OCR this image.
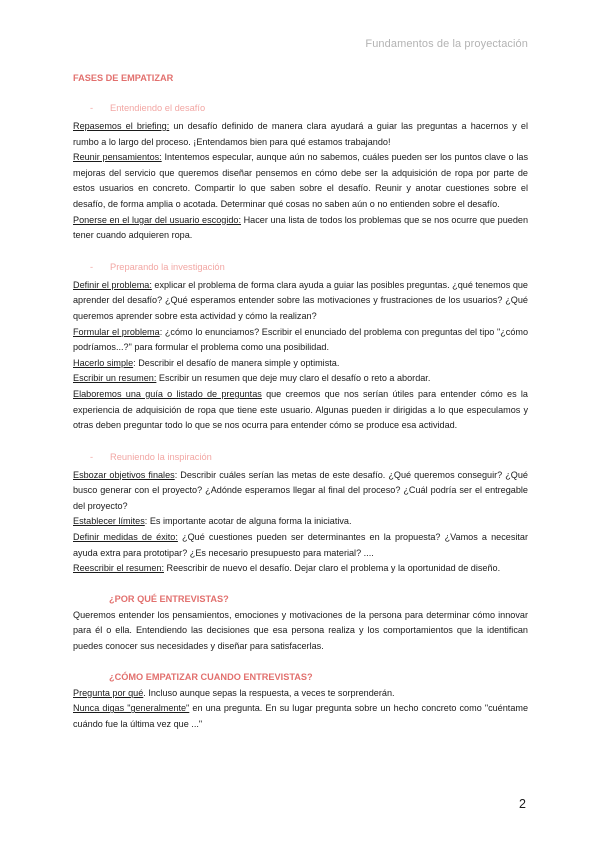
Fundamentos de la proyectación
FASES DE EMPATIZAR
- Entendiendo el desafío

Repasemos el briefing: un desafío definido de manera clara ayudará a guiar las preguntas a hacernos y el rumbo a lo largo del proceso. ¡Entendamos bien para qué estamos trabajando!

Reunir pensamientos: Intentemos especular, aunque aún no sabemos, cuáles pueden ser los puntos clave o las mejoras del servicio que queremos diseñar pensemos en cómo debe ser la adquisición de ropa por parte de estos usuarios en concreto. Compartir lo que saben sobre el desafío. Reunir y anotar cuestiones sobre el desafío, de forma amplia o acotada. Determinar qué cosas no saben aún o no entienden sobre el desafío.

Ponerse en el lugar del usuario escogido: Hacer una lista de todos los problemas que se nos ocurre que pueden tener cuando adquieren ropa.

- Preparando la investigación

Definir el problema: explicar el problema de forma clara ayuda a guiar las posibles preguntas. ¿qué tenemos que aprender del desafío? ¿Qué esperamos entender sobre las motivaciones y frustraciones de los usuarios? ¿Qué queremos aprender sobre esta actividad y cómo la realizan?

Formular el problema: ¿cómo lo enunciamos? Escribir el enunciado del problema con preguntas del tipo "¿cómo podríamos...?" para formular el problema como una posibilidad.

Hacerlo simple: Describir el desafío de manera simple y optimista.

Escribir un resumen: Escribir un resumen que deje muy claro el desafío o reto a abordar.

Elaboremos una guía o listado de preguntas que creemos que nos serían útiles para entender cómo es la experiencia de adquisición de ropa que tiene este usuario. Algunas pueden ir dirigidas a lo que especulamos y otras deben preguntar todo lo que se nos ocurra para entender cómo se produce esa actividad.

- Reuniendo la inspiración

Esbozar objetivos finales: Describir cuáles serían las metas de este desafío. ¿Qué queremos conseguir? ¿Qué busco generar con el proyecto? ¿Adónde esperamos llegar al final del proceso? ¿Cuál podría ser el entregable del proyecto?

Establecer límites: Es importante acotar de alguna forma la iniciativa.

Definir medidas de éxito: ¿Qué cuestiones pueden ser determinantes en la propuesta? ¿Vamos a necesitar ayuda extra para prototipar? ¿Es necesario presupuesto para material? ....

Reescribir el resumen: Reescribir de nuevo el desafío. Dejar claro el problema y la oportunidad de diseño.

¿POR QUÉ ENTREVISTAS?

Queremos entender los pensamientos, emociones y motivaciones de la persona para determinar cómo innovar para él o ella. Entendiendo las decisiones que esa persona realiza y los comportamientos que la identifican puedes conocer sus necesidades y diseñar para satisfacerlas.

¿CÓMO EMPATIZAR CUANDO ENTREVISTAS?

Pregunta por qué. Incluso aunque sepas la respuesta, a veces te sorprenderán.

Nunca digas "generalmente" en una pregunta. En su lugar pregunta sobre un hecho concreto como "cuéntame cuándo fue la última vez que ..."

2
